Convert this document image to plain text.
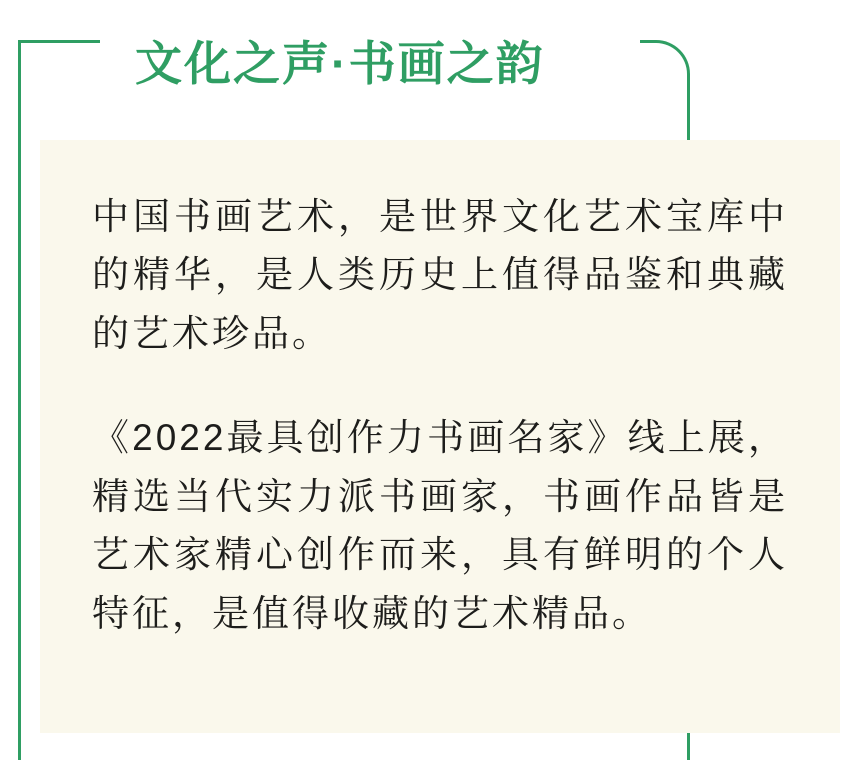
文化之声·书画之韵

中国书画艺术，是世界文化艺术宝库中的精华，是人类历史上值得品鉴和典藏的艺术珍品。

《2022最具创作力书画名家》线上展，精选当代实力派书画家，书画作品皆是艺术家精心创作而来，具有鲜明的个人特征，是值得收藏的艺术精品。
